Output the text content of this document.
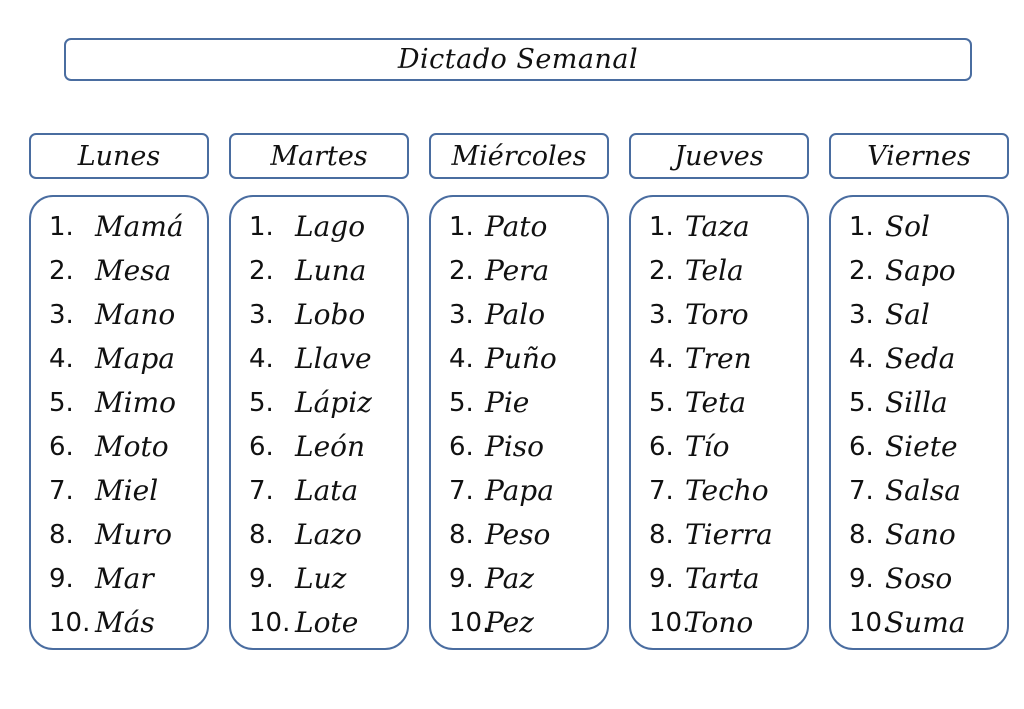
Dictado Semanal
Lunes
1. Mamá
2. Mesa
3. Mano
4. Mapa
5. Mimo
6. Moto
7. Miel
8. Muro
9. Mar
10. Más
Martes
1. Lago
2. Luna
3. Lobo
4. Llave
5. Lápiz
6. León
7. Lata
8. Lazo
9. Luz
10. Lote
Miércoles
1. Pato
2. Pera
3. Palo
4. Puño
5. Pie
6. Piso
7. Papa
8. Peso
9. Paz
10.
Pez
Jueves
1. Taza
2. Tela
3. Toro
4. Tren
5. Teta
6. Tío
7. Techo
8. Tierra
9. Tarta
10.
Tono
Viernes
1. Sol
2. Sapo
3. Sal
4. Seda
5. Silla
6. Siete
7. Salsa
8. Sano
9. Soso
10.
Suma
